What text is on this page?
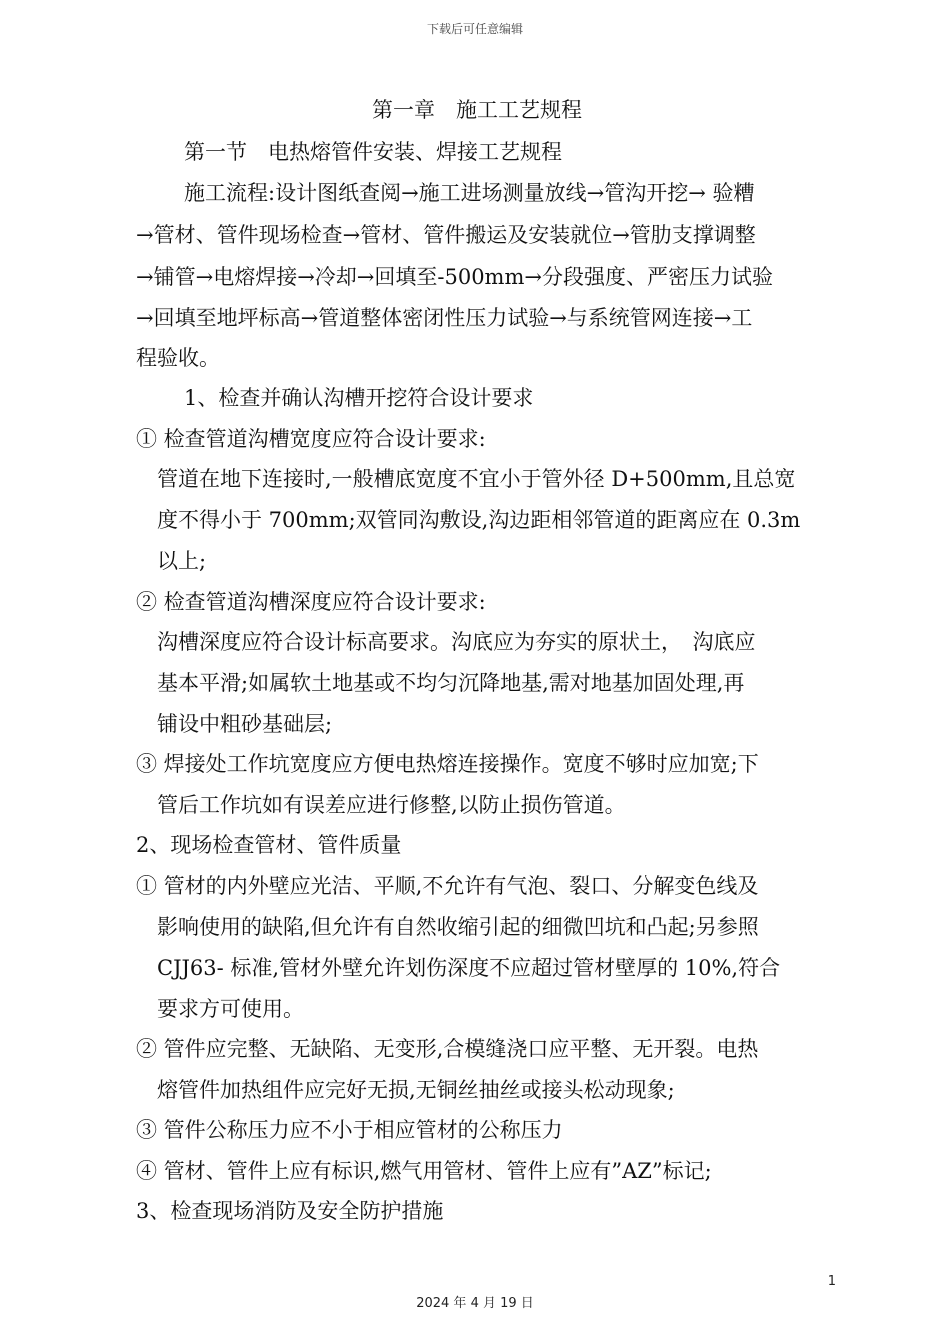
下载后可任意编辑
第一章　施工工艺规程
第一节　电热熔管件安装、焊接工艺规程
施工流程:设计图纸查阅→施工进场测量放线→管沟开挖→ 验糟
→管材、管件现场检查→管材、管件搬运及安装就位→管肋支撑调整
→铺管→电熔焊接→冷却→回填至-500mm→分段强度、严密压力试验
→回填至地坪标高→管道整体密闭性压力试验→与系统管网连接→工
程验收。
1、检查并确认沟槽开挖符合设计要求
① 检查管道沟槽宽度应符合设计要求:
管道在地下连接时,一般槽底宽度不宜小于管外径 D+500mm,且总宽
度不得小于 700mm;双管同沟敷设,沟边距相邻管道的距离应在 0.3m
以上;
② 检查管道沟槽深度应符合设计要求:
沟槽深度应符合设计标高要求。沟底应为夯实的原状土，　沟底应
基本平滑;如属软土地基或不均匀沉降地基,需对地基加固处理,再
铺设中粗砂基础层;
③ 焊接处工作坑宽度应方便电热熔连接操作。宽度不够时应加宽;下
管后工作坑如有误差应进行修整,以防止损伤管道。
2、现场检查管材、管件质量
① 管材的内外壁应光洁、平顺,不允许有气泡、裂口、分解变色线及
影响使用的缺陷,但允许有自然收缩引起的细微凹坑和凸起;另参照
CJJ63- 标准,管材外壁允许划伤深度不应超过管材壁厚的 10%,符合
要求方可使用。
② 管件应完整、无缺陷、无变形,合模缝浇口应平整、无开裂。电热
熔管件加热组件应完好无损,无铜丝抽丝或接头松动现象;
③ 管件公称压力应不小于相应管材的公称压力
④ 管材、管件上应有标识,燃气用管材、管件上应有”AZ”标记;
3、检查现场消防及安全防护措施
1
2024 年 4 月 19 日
